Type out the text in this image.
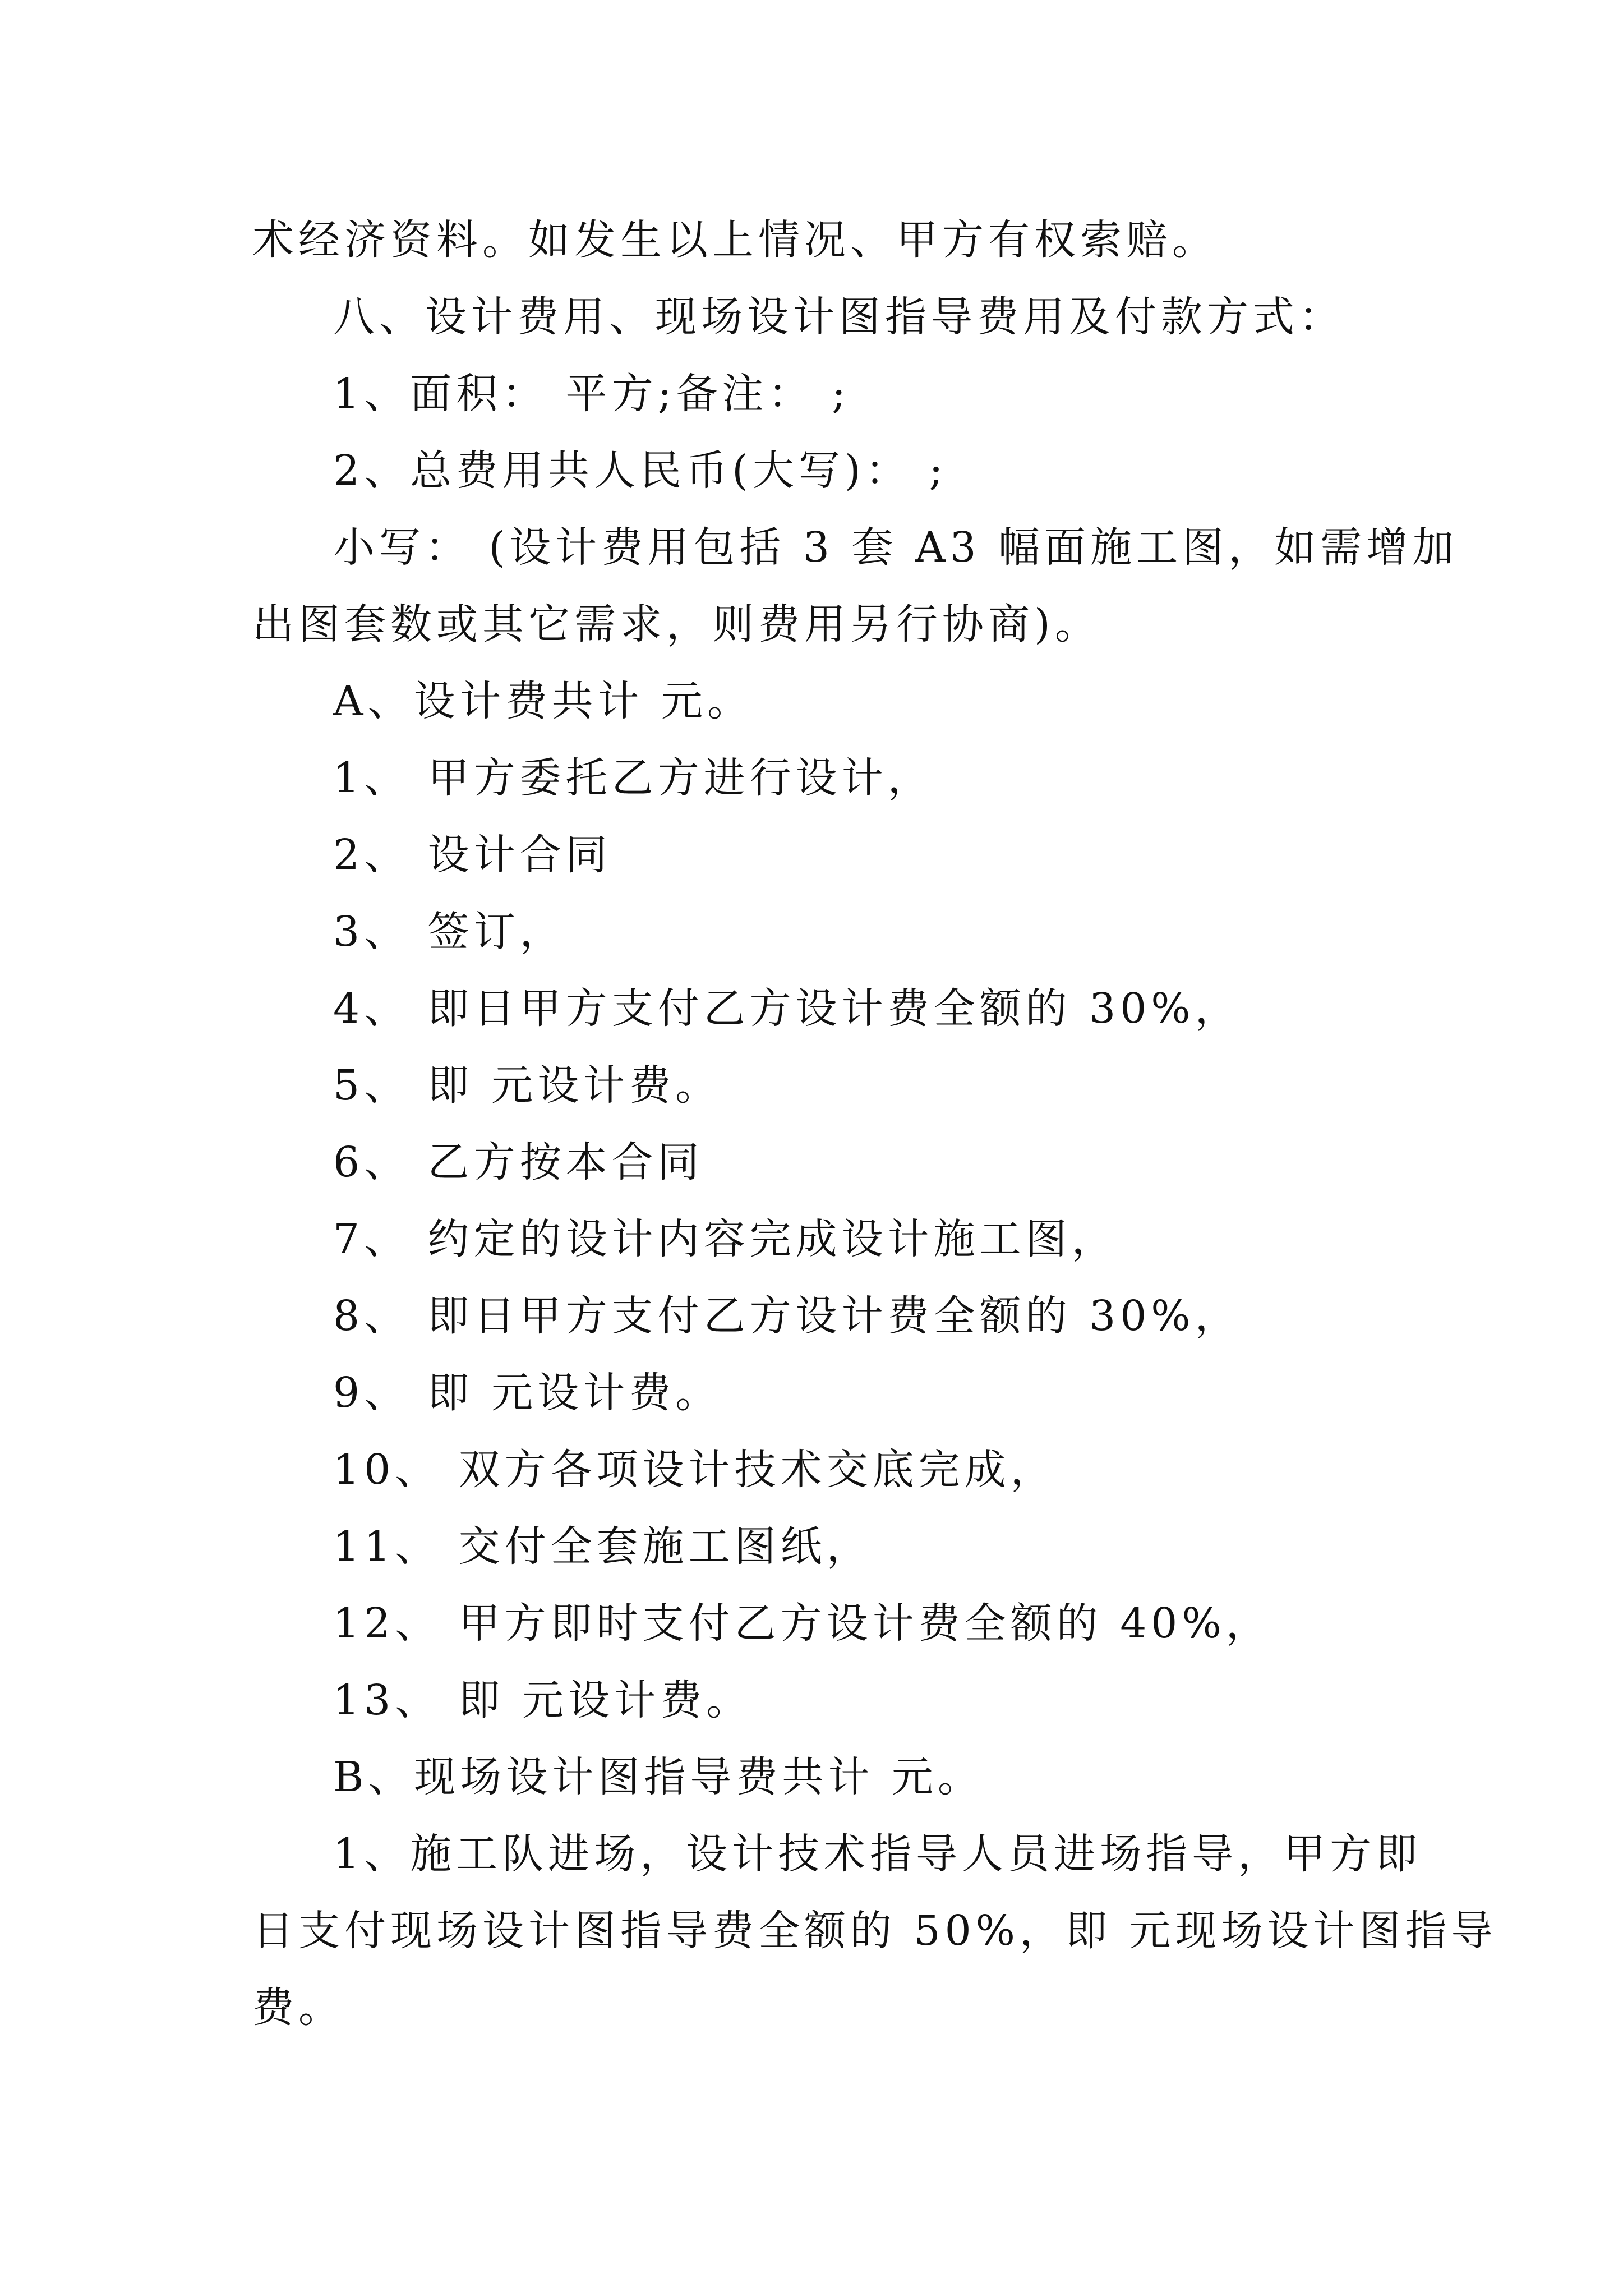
术经济资料。如发生以上情况、甲方有权索赔。
八、设计费用、现场设计图指导费用及付款方式：
1、面积： 平方;备注： ;
2、总费用共人民币(大写)： ;
小写： (设计费用包括 3 套 A3 幅面施工图，如需增加
出图套数或其它需求，则费用另行协商)。
A、设计费共计 元。
1、 甲方委托乙方进行设计，
2、 设计合同
3、 签订，
4、 即日甲方支付乙方设计费全额的 30%，
5、 即 元设计费。
6、 乙方按本合同
7、 约定的设计内容完成设计施工图，
8、 即日甲方支付乙方设计费全额的 30%，
9、 即 元设计费。
10、 双方各项设计技术交底完成，
11、 交付全套施工图纸，
12、 甲方即时支付乙方设计费全额的 40%，
13、 即 元设计费。
B、现场设计图指导费共计 元。
1、施工队进场，设计技术指导人员进场指导，甲方即
日支付现场设计图指导费全额的 50%，即 元现场设计图指导
费。
